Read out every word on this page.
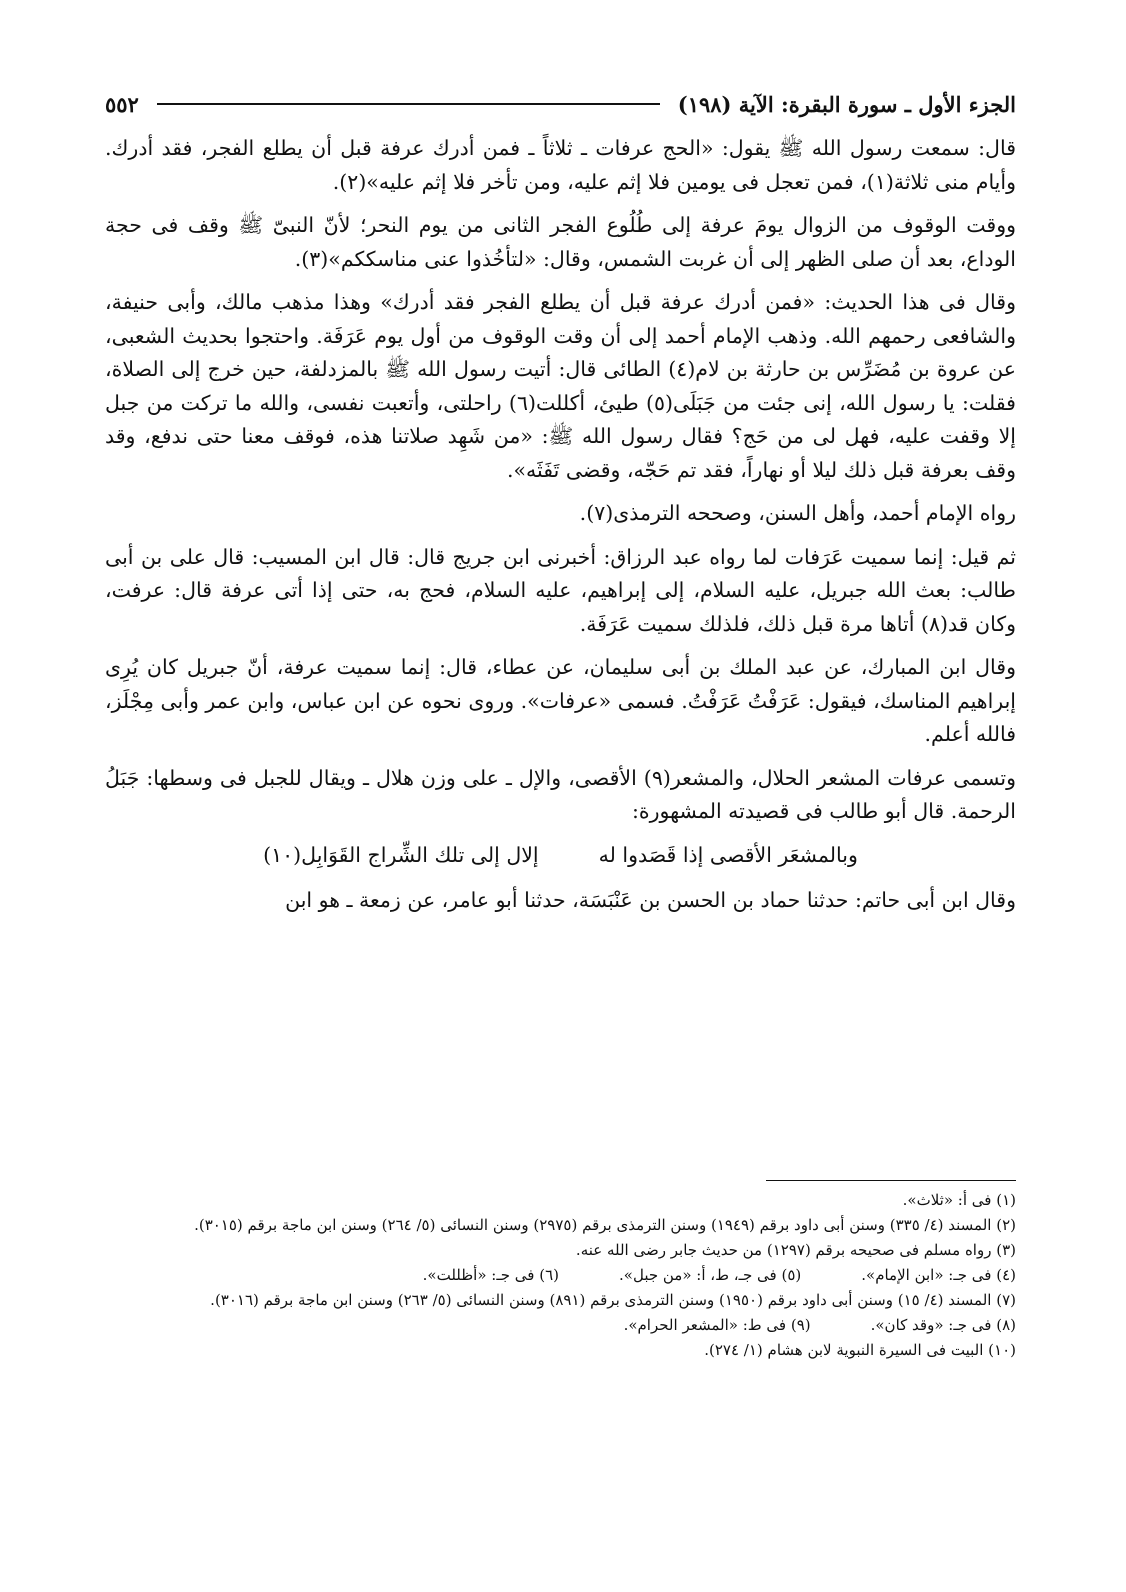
الجزء الأول ـ سورة البقرة: الآية (١٩٨)
٥٥٢

قال: سمعت رسول الله ﷺ يقول: «الحج عرفات ـ ثلاثاً ـ فمن أدرك عرفة قبل أن يطلع الفجر، فقد أدرك. وأيام منى ثلاثة(١)، فمن تعجل فى يومين فلا إثم عليه، ومن تأخر فلا إثم عليه»(٢).

ووقت الوقوف من الزوال يومَ عرفة إلى طُلُوع الفجر الثانى من يوم النحر؛ لأنّ النبىّ ﷺ وقف فى حجة الوداع، بعد أن صلى الظهر إلى أن غربت الشمس، وقال: «لتأخُذوا عنى مناسككم»(٣).

وقال فى هذا الحديث: «فمن أدرك عرفة قبل أن يطلع الفجر فقد أدرك» وهذا مذهب مالك، وأبى حنيفة، والشافعى رحمهم الله. وذهب الإمام أحمد إلى أن وقت الوقوف من أول يوم عَرَفَة. واحتجوا بحديث الشعبى، عن عروة بن مُضَرِّس بن حارثة بن لام(٤) الطائى قال: أتيت رسول الله ﷺ بالمزدلفة، حين خرج إلى الصلاة، فقلت: يا رسول الله، إنى جئت من جَبَلَى(٥) طيئ، أكللت(٦) راحلتى، وأتعبت نفسى، والله ما تركت من جبل إلا وقفت عليه، فهل لى من حَج؟ فقال رسول الله ﷺ: «من شَهِد صلاتنا هذه، فوقف معنا حتى ندفع، وقد وقف بعرفة قبل ذلك ليلا أو نهاراً، فقد تم حَجّه، وقضى تَفَثَه».

رواه الإمام أحمد، وأهل السنن، وصححه الترمذى(٧).

ثم قيل: إنما سميت عَرَفات لما رواه عبد الرزاق: أخبرنى ابن جريج قال: قال ابن المسيب: قال على بن أبى طالب: بعث الله جبريل، عليه السلام، إلى إبراهيم، عليه السلام، فحج به، حتى إذا أتى عرفة قال: عرفت، وكان قد(٨) أتاها مرة قبل ذلك، فلذلك سميت عَرَفَة.

وقال ابن المبارك، عن عبد الملك بن أبى سليمان، عن عطاء، قال: إنما سميت عرفة، أنّ جبريل كان يُرِى إبراهيم المناسك، فيقول: عَرَفْتُ عَرَفْتُ. فسمى «عرفات». وروى نحوه عن ابن عباس، وابن عمر وأبى مِجْلَز، فالله أعلم.

وتسمى عرفات المشعر الحلال، والمشعر(٩) الأقصى، والإل ـ على وزن هلال ـ ويقال للجبل فى وسطها: جَبَلُ الرحمة. قال أبو طالب فى قصيدته المشهورة:

وبالمشعَر الأقصى إذا قَصَدوا له
إلال إلى تلك الشِّراج القَوَابِل(١٠)

وقال ابن أبى حاتم: حدثنا حماد بن الحسن بن عَنْبَسَة، حدثنا أبو عامر، عن زمعة ـ هو ابن

(١) فى أ: «ثلاث».

(٢) المسند (٤/ ٣٣٥) وسنن أبى داود برقم (١٩٤٩) وسنن الترمذى برقم (٢٩٧٥) وسنن النسائى (٥/ ٢٦٤) وسنن ابن ماجة برقم (٣٠١٥).

(٣) رواه مسلم فى صحيحه برقم (١٢٩٧) من حديث جابر رضى الله عنه.

(٤) فى جـ: «ابن الإمام».
(٥) فى جـ، ط، أ: «من جبل».
(٦) فى جـ: «أظللت».

(٧) المسند (٤/ ١٥) وسنن أبى داود برقم (١٩٥٠) وسنن الترمذى برقم (٨٩١) وسنن النسائى (٥/ ٢٦٣) وسنن ابن ماجة برقم (٣٠١٦).

(٨) فى جـ: «وقد كان».
(٩) فى ط: «المشعر الحرام».

(١٠) البيت فى السيرة النبوية لابن هشام (١/ ٢٧٤).
